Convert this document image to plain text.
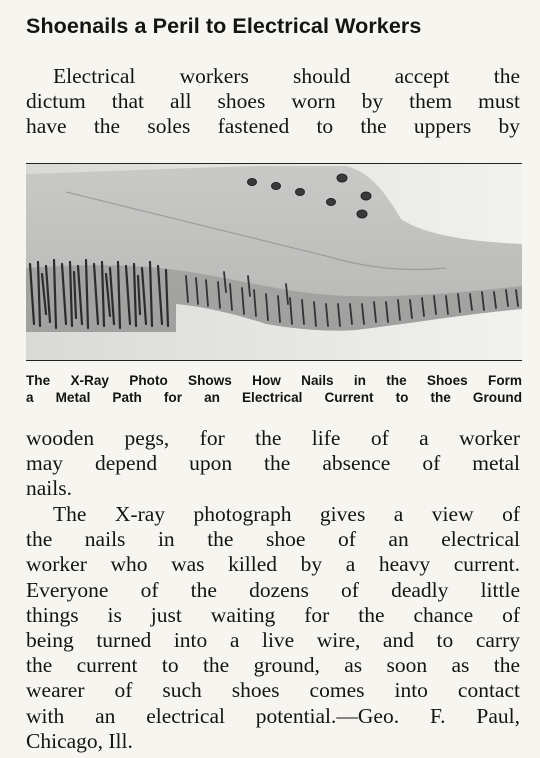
Shoenails a Peril to Electrical Workers
Electrical workers should accept the
dictum that all shoes worn by them must
have the soles fastened to the uppers by
The X-Ray Photo Shows How Nails in the Shoes Form
a Metal Path for an Electrical Current to the Ground
wooden pegs, for the life of a worker
may depend upon the absence of metal
nails.
The X-ray photograph gives a view of
the nails in the shoe of an electrical
worker who was killed by a heavy current.
Everyone of the dozens of deadly little
things is just waiting for the chance of
being turned into a live wire, and to carry
the current to the ground, as soon as the
wearer of such shoes comes into contact
with an electrical potential.—Geo. F. Paul,
Chicago, Ill.
